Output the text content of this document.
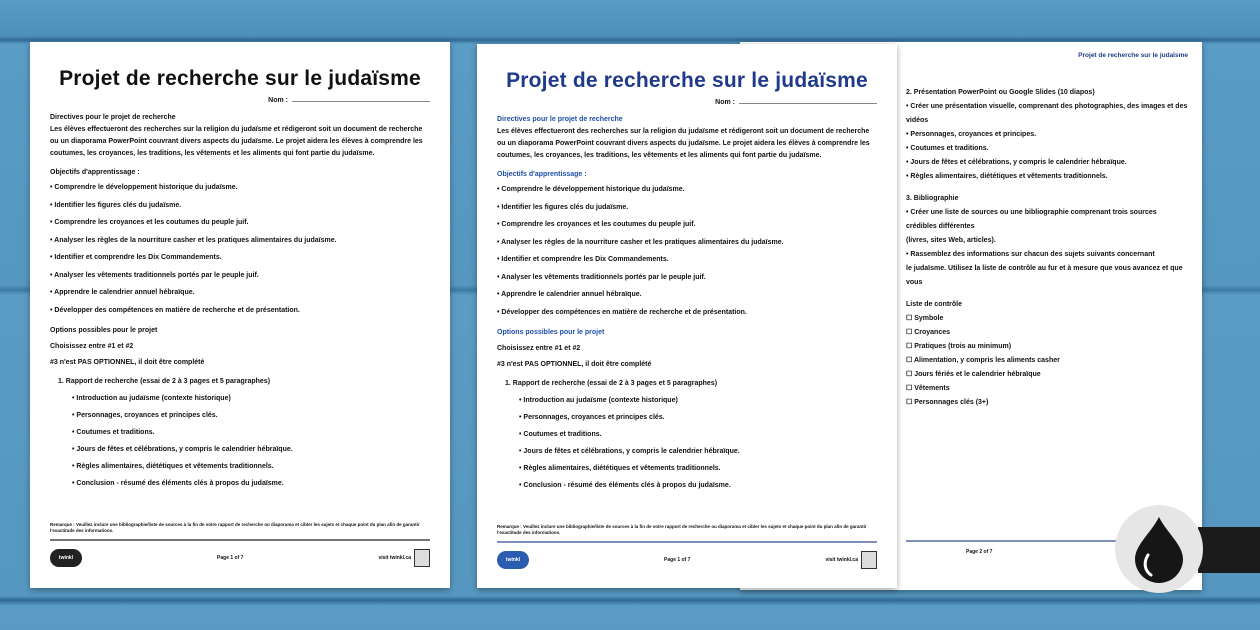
Projet de recherche sur le judaïsme
Nom :
Directives pour le projet de recherche
Les élèves effectueront des recherches sur la religion du judaïsme et rédigeront soit un document de recherche ou un diaporama PowerPoint couvrant divers aspects du judaïsme. Le projet aidera les élèves à comprendre les coutumes, les croyances, les traditions, les vêtements et les aliments qui font partie du judaïsme.
Objectifs d'apprentissage :
• Comprendre le développement historique du judaïsme.
• Identifier les figures clés du judaïsme.
• Comprendre les croyances et les coutumes du peuple juif.
• Analyser les règles de la nourriture casher et les pratiques alimentaires du judaïsme.
• Identifier et comprendre les Dix Commandements.
• Analyser les vêtements traditionnels portés par le peuple juif.
• Apprendre le calendrier annuel hébraïque.
• Développer des compétences en matière de recherche et de présentation.
Options possibles pour le projet
Choisissez entre #1 et #2
#3 n'est PAS OPTIONNEL, il doit être complété
1. Rapport de recherche (essai de 2 à 3 pages et 5 paragraphes)
• Introduction au judaïsme (contexte historique)
• Personnages, croyances et principes clés.
• Coutumes et traditions.
• Jours de fêtes et célébrations, y compris le calendrier hébraïque.
• Règles alimentaires, diététiques et vêtements traditionnels.
• Conclusion - résumé des éléments clés à propos du judaïsme.
Remarque : Veuillez inclure une bibliographie/liste de sources à la fin de votre rapport de recherche ou diaporama et cibler les sujets et chaque point du plan afin de garantir l'exactitude des informations.
twinkl	Page 1 of 7	visit twinkl.ca
Projet de recherche sur le judaïsme
Nom :
Directives pour le projet de recherche
Les élèves effectueront des recherches sur la religion du judaïsme et rédigeront soit un document de recherche ou un diaporama PowerPoint couvrant divers aspects du judaïsme. Le projet aidera les élèves à comprendre les coutumes, les croyances, les traditions, les vêtements et les aliments qui font partie du judaïsme.
Objectifs d'apprentissage :
• Comprendre le développement historique du judaïsme.
• Identifier les figures clés du judaïsme.
• Comprendre les croyances et les coutumes du peuple juif.
• Analyser les règles de la nourriture casher et les pratiques alimentaires du judaïsme.
• Identifier et comprendre les Dix Commandements.
• Analyser les vêtements traditionnels portés par le peuple juif.
• Apprendre le calendrier annuel hébraïque.
• Développer des compétences en matière de recherche et de présentation.
Options possibles pour le projet
Choisissez entre #1 et #2
#3 n'est PAS OPTIONNEL, il doit être complété
1. Rapport de recherche (essai de 2 à 3 pages et 5 paragraphes)
• Introduction au judaïsme (contexte historique)
• Personnages, croyances et principes clés.
• Coutumes et traditions.
• Jours de fêtes et célébrations, y compris le calendrier hébraïque.
• Règles alimentaires, diététiques et vêtements traditionnels.
• Conclusion - résumé des éléments clés à propos du judaïsme.
Remarque : Veuillez inclure une bibliographie/liste de sources à la fin de votre rapport de recherche ou diaporama et cibler les sujets et chaque point du plan afin de garantir l'exactitude des informations.
twinkl	Page 1 of 7	visit twinkl.ca
Projet de recherche sur le judaïsme
2. Présentation PowerPoint ou Google Slides (10 diapos)
• Créer une présentation visuelle, comprenant des photographies, des images et des vidéos
• Personnages, croyances et principes.
• Coutumes et traditions.
• Jours de fêtes et célébrations, y compris le calendrier hébraïque.
• Règles alimentaires, diététiques et vêtements traditionnels.
3. Bibliographie
• Créer une liste de sources ou une bibliographie comprenant trois sources crédibles différentes
(livres, sites Web, articles).
• Rassemblez des informations sur chacun des sujets suivants concernant
le judaïsme. Utilisez la liste de contrôle au fur et à mesure que vous avancez et que vous
Liste de contrôle
☐ Symbole
☐ Croyances
☐ Pratiques (trois au minimum)
☐ Alimentation, y compris les aliments casher
☐ Jours fériés et le calendrier hébraïque
☐ Vêtements
☐ Personnages clés (3+)
Page 2 of 7
